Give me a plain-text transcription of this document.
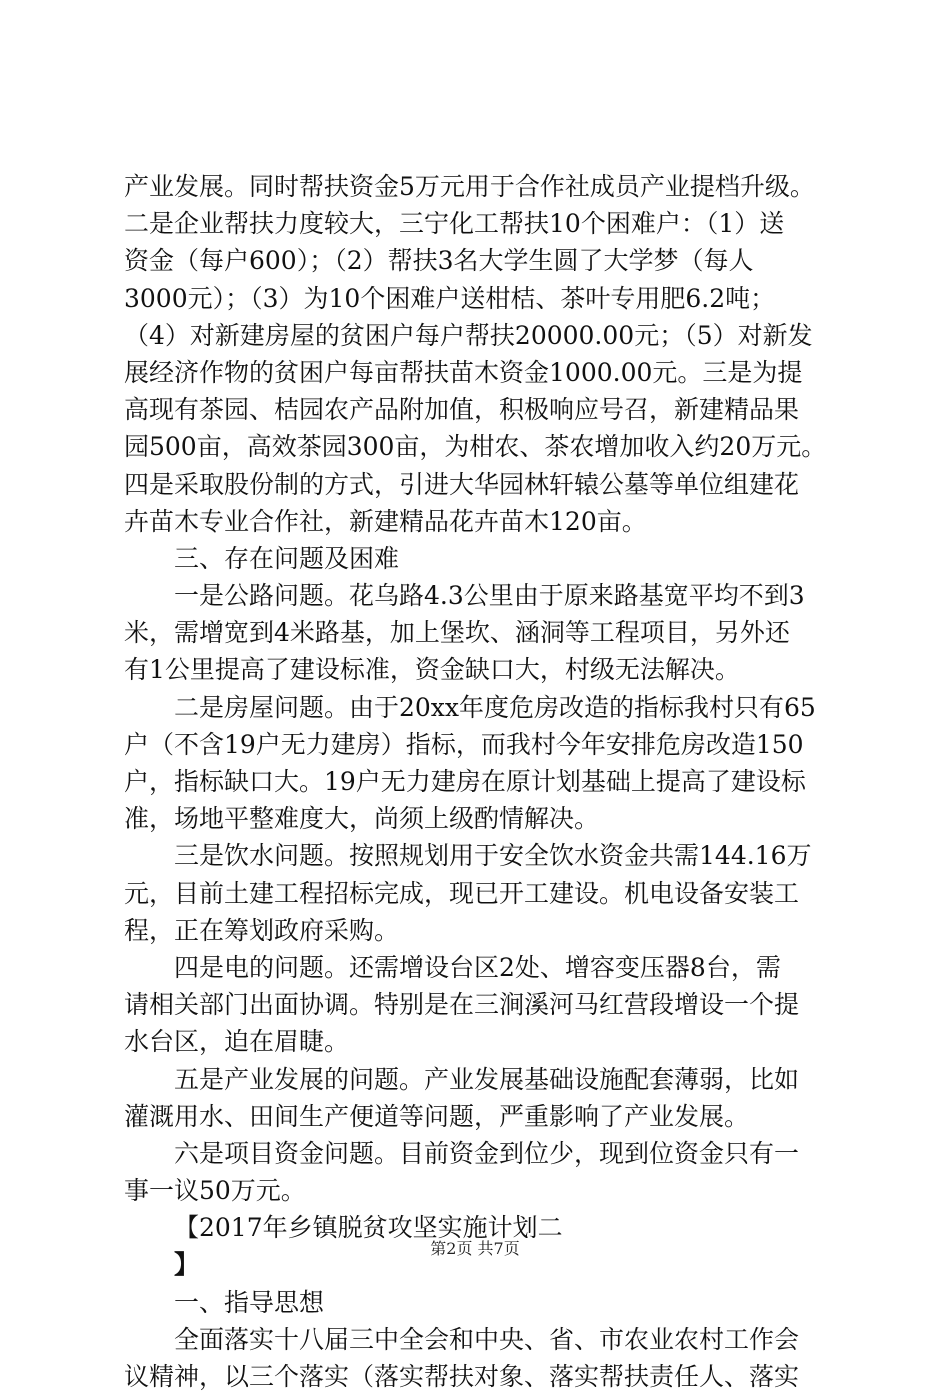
产业发展。同时帮扶资金5万元用于合作社成员产业提档升级。
二是企业帮扶力度较大，三宁化工帮扶10个困难户：（1）送
资金（每户600）；（2）帮扶3名大学生圆了大学梦（每人
3000元）；（3）为10个困难户送柑桔、茶叶专用肥6.2吨；
（4）对新建房屋的贫困户每户帮扶20000.00元；（5）对新发
展经济作物的贫困户每亩帮扶苗木资金1000.00元。三是为提
高现有茶园、桔园农产品附加值，积极响应号召，新建精品果
园500亩，高效茶园300亩，为柑农、茶农增加收入约20万元。
四是采取股份制的方式，引进大华园林轩辕公墓等单位组建花
卉苗木专业合作社，新建精品花卉苗木120亩。
三、存在问题及困难
一是公路问题。花乌路4.3公里由于原来路基宽平均不到3
米，需增宽到4米路基，加上堡坎、涵洞等工程项目，另外还
有1公里提高了建设标准，资金缺口大，村级无法解决。
二是房屋问题。由于20xx年度危房改造的指标我村只有65
户（不含19户无力建房）指标，而我村今年安排危房改造150
户，指标缺口大。19户无力建房在原计划基础上提高了建设标
准，场地平整难度大，尚须上级酌情解决。
三是饮水问题。按照规划用于安全饮水资金共需144.16万
元，目前土建工程招标完成，现已开工建设。机电设备安装工
程，正在筹划政府采购。
四是电的问题。还需增设台区2处、增容变压器8台，需
请相关部门出面协调。特别是在三涧溪河马红营段增设一个提
水台区，迫在眉睫。
五是产业发展的问题。产业发展基础设施配套薄弱，比如
灌溉用水、田间生产便道等问题，严重影响了产业发展。
六是项目资金问题。目前资金到位少，现到位资金只有一
事一议50万元。
【2017年乡镇脱贫攻坚实施计划二
】
一、指导思想
全面落实十八届三中全会和中央、省、市农业农村工作会
议精神，以三个落实（落实帮扶对象、落实帮扶责任人、落实
第2页 共7页
